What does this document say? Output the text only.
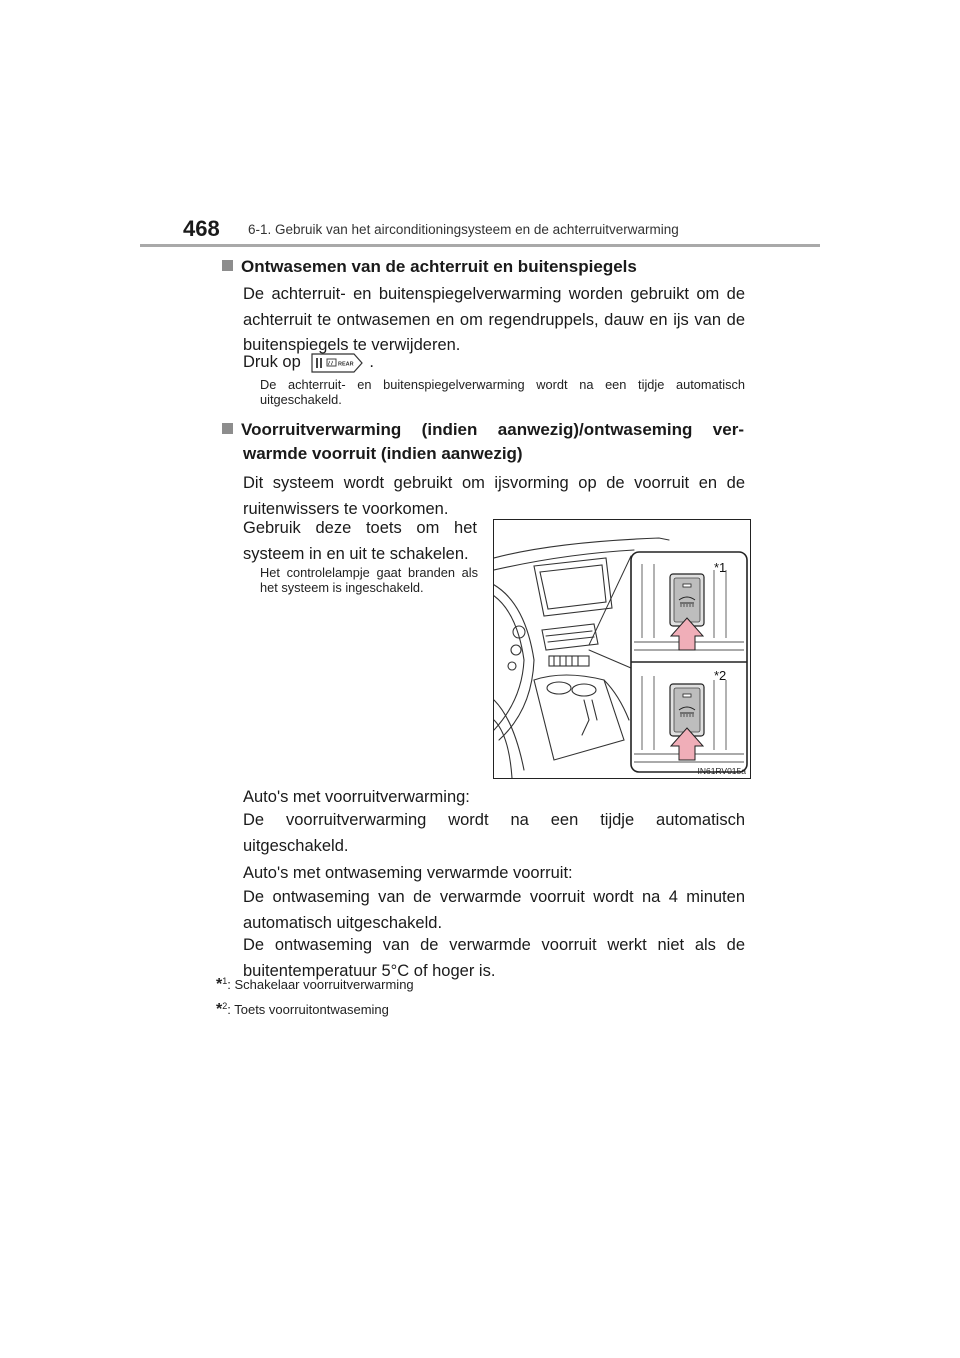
468 6-1. Gebruik van het airconditioningsysteem en de achterruitverwarming
Ontwasemen van de achterruit en buitenspiegels
De achterruit- en buitenspiegelverwarming worden gebruikt om de achterruit te ontwasemen en om regendruppels, dauw en ijs van de buitenspiegels te verwijderen.
Druk op	REAR .
De achterruit- en buitenspiegelverwarming wordt na een tijdje automatisch uitgeschakeld.
Voorruitverwarming (indien aanwezig)/ontwaseming ver-
warmde voorruit (indien aanwezig)
Dit systeem wordt gebruikt om ijsvorming op de voorruit en de ruitenwissers te voorkomen.
Gebruik deze toets om het systeem in en uit te schakelen.
Het controlelampje gaat branden als het systeem is ingeschakeld.
*1
*2
IN61RV015a
Auto's met voorruitverwarming:
De voorruitverwarming wordt na een tijdje automatisch uitgeschakeld.
Auto's met ontwaseming verwarmde voorruit:
De ontwaseming van de verwarmde voorruit wordt na 4 minuten automatisch uitgeschakeld.
De ontwaseming van de verwarmde voorruit werkt niet als de buitentemperatuur 5°C of hoger is.
*$^1$: Schakelaar voorruitverwarming
*$^2$: Toets voorruitontwaseming
